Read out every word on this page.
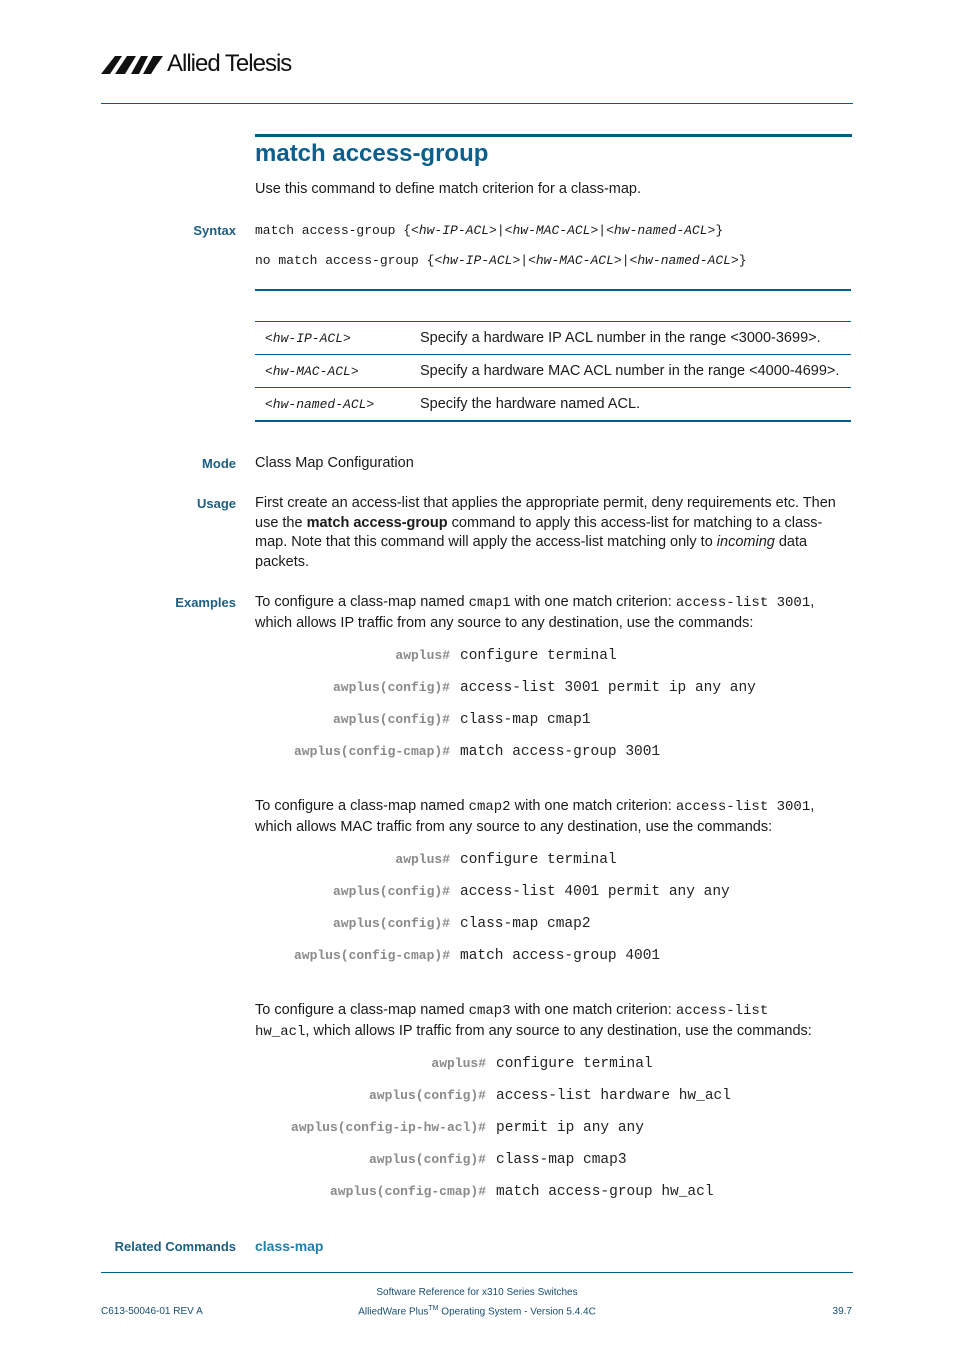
Allied Telesis
match access-group
Use this command to define match criterion for a class-map.
Syntax match access-group {<hw-IP-ACL>|<hw-MAC-ACL>|<hw-named-ACL>}
no match access-group {<hw-IP-ACL>|<hw-MAC-ACL>|<hw-named-ACL>}
<hw-IP-ACL>	Specify a hardware IP ACL number in the range <3000-3699>.
<hw-MAC-ACL>	Specify a hardware MAC ACL number in the range <4000-4699>.
<hw-named-ACL>	Specify the hardware named ACL.
Mode Class Map Configuration
Usage First create an access-list that applies the appropriate permit, deny requirements etc. Then use the match access-group command to apply this access-list for matching to a class-map. Note that this command will apply the access-list matching only to incoming data packets.
Examples To configure a class-map named cmap1 with one match criterion: access-list 3001,
which allows IP traffic from any source to any destination, use the commands:
awplus# configure terminal
awplus(config)# access-list 3001 permit ip any any
awplus(config)# class-map cmap1
awplus(config-cmap)# match access-group 3001
To configure a class-map named cmap2 with one match criterion: access-list 3001,
which allows MAC traffic from any source to any destination, use the commands:
awplus# configure terminal
awplus(config)# access-list 4001 permit any any
awplus(config)# class-map cmap2
awplus(config-cmap)# match access-group 4001
To configure a class-map named cmap3 with one match criterion: access-list
hw_acl, which allows IP traffic from any source to any destination, use the commands:
awplus# configure terminal
awplus(config)# access-list hardware hw_acl
awplus(config-ip-hw-acl)# permit ip any any
awplus(config)# class-map cmap3
awplus(config-cmap)# match access-group hw_acl
Related Commands class-map
Software Reference for x310 Series Switches
AlliedWare Plus™ Operating System - Version 5.4.4C
C613-50046-01 REV A	39.7
